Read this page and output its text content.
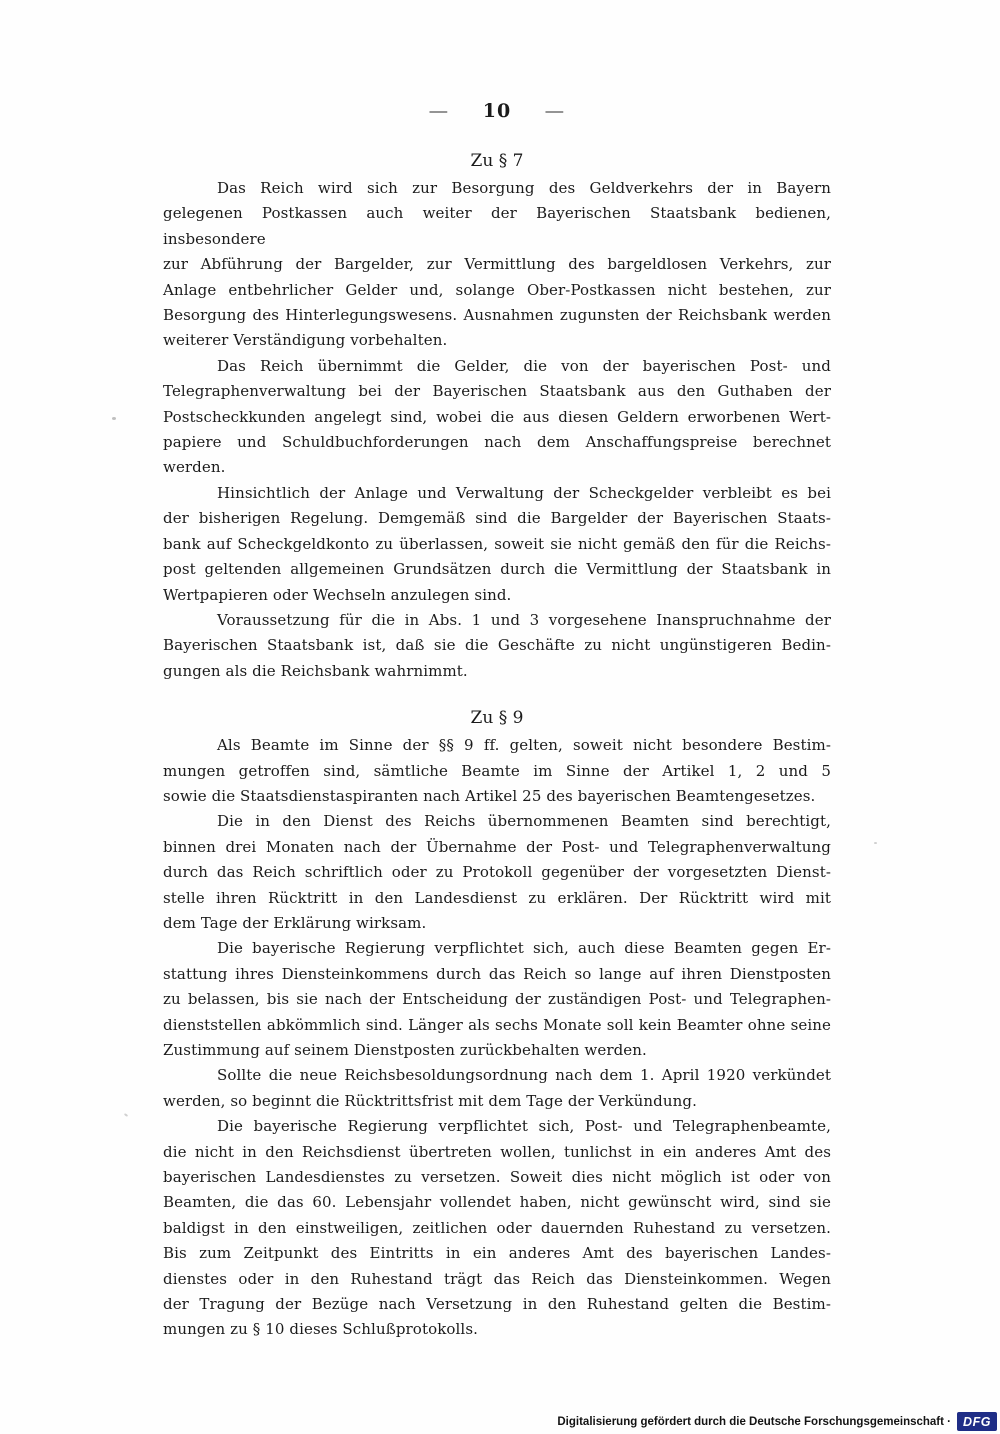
— 10 —
Zu § 7
Das Reich wird sich zur Besorgung des Geldverkehrs der in Bayern
gelegenen Postkassen auch weiter der Bayerischen Staatsbank bedienen, insbesondere
zur Abführung der Bargelder, zur Vermittlung des bargeldlosen Verkehrs, zur
Anlage entbehrlicher Gelder und, solange Ober-Postkassen nicht bestehen, zur
Besorgung des Hinterlegungswesens. Ausnahmen zugunsten der Reichsbank werden
weiterer Verständigung vorbehalten.
Das Reich übernimmt die Gelder, die von der bayerischen Post- und
Telegraphenverwaltung bei der Bayerischen Staatsbank aus den Guthaben der
Postscheckkunden angelegt sind, wobei die aus diesen Geldern erworbenen Wert-
papiere und Schuldbuchforderungen nach dem Anschaffungspreise berechnet werden.
Hinsichtlich der Anlage und Verwaltung der Scheckgelder verbleibt es bei
der bisherigen Regelung. Demgemäß sind die Bargelder der Bayerischen Staats-
bank auf Scheckgeldkonto zu überlassen, soweit sie nicht gemäß den für die Reichs-
post geltenden allgemeinen Grundsätzen durch die Vermittlung der Staatsbank in
Wertpapieren oder Wechseln anzulegen sind.
Voraussetzung für die in Abs. 1 und 3 vorgesehene Inanspruchnahme der
Bayerischen Staatsbank ist, daß sie die Geschäfte zu nicht ungünstigeren Bedin-
gungen als die Reichsbank wahrnimmt.
Zu § 9
Als Beamte im Sinne der §§ 9 ff. gelten, soweit nicht besondere Bestim-
mungen getroffen sind, sämtliche Beamte im Sinne der Artikel 1, 2 und 5
sowie die Staatsdienstaspiranten nach Artikel 25 des bayerischen Beamtengesetzes.
Die in den Dienst des Reichs übernommenen Beamten sind berechtigt,
binnen drei Monaten nach der Übernahme der Post- und Telegraphenverwaltung
durch das Reich schriftlich oder zu Protokoll gegenüber der vorgesetzten Dienst-
stelle ihren Rücktritt in den Landesdienst zu erklären. Der Rücktritt wird mit
dem Tage der Erklärung wirksam.
Die bayerische Regierung verpflichtet sich, auch diese Beamten gegen Er-
stattung ihres Diensteinkommens durch das Reich so lange auf ihren Dienstposten
zu belassen, bis sie nach der Entscheidung der zuständigen Post- und Telegraphen-
dienststellen abkömmlich sind. Länger als sechs Monate soll kein Beamter ohne seine
Zustimmung auf seinem Dienstposten zurückbehalten werden.
Sollte die neue Reichsbesoldungsordnung nach dem 1. April 1920 verkündet
werden, so beginnt die Rücktrittsfrist mit dem Tage der Verkündung.
Die bayerische Regierung verpflichtet sich, Post- und Telegraphenbeamte,
die nicht in den Reichsdienst übertreten wollen, tunlichst in ein anderes Amt des
bayerischen Landesdienstes zu versetzen. Soweit dies nicht möglich ist oder von
Beamten, die das 60. Lebensjahr vollendet haben, nicht gewünscht wird, sind sie
baldigst in den einstweiligen, zeitlichen oder dauernden Ruhestand zu versetzen.
Bis zum Zeitpunkt des Eintritts in ein anderes Amt des bayerischen Landes-
dienstes oder in den Ruhestand trägt das Reich das Diensteinkommen. Wegen
der Tragung der Bezüge nach Versetzung in den Ruhestand gelten die Bestim-
mungen zu § 10 dieses Schlußprotokolls.
Digitalisierung gefördert durch die Deutsche Forschungsgemeinschaft · DFG
